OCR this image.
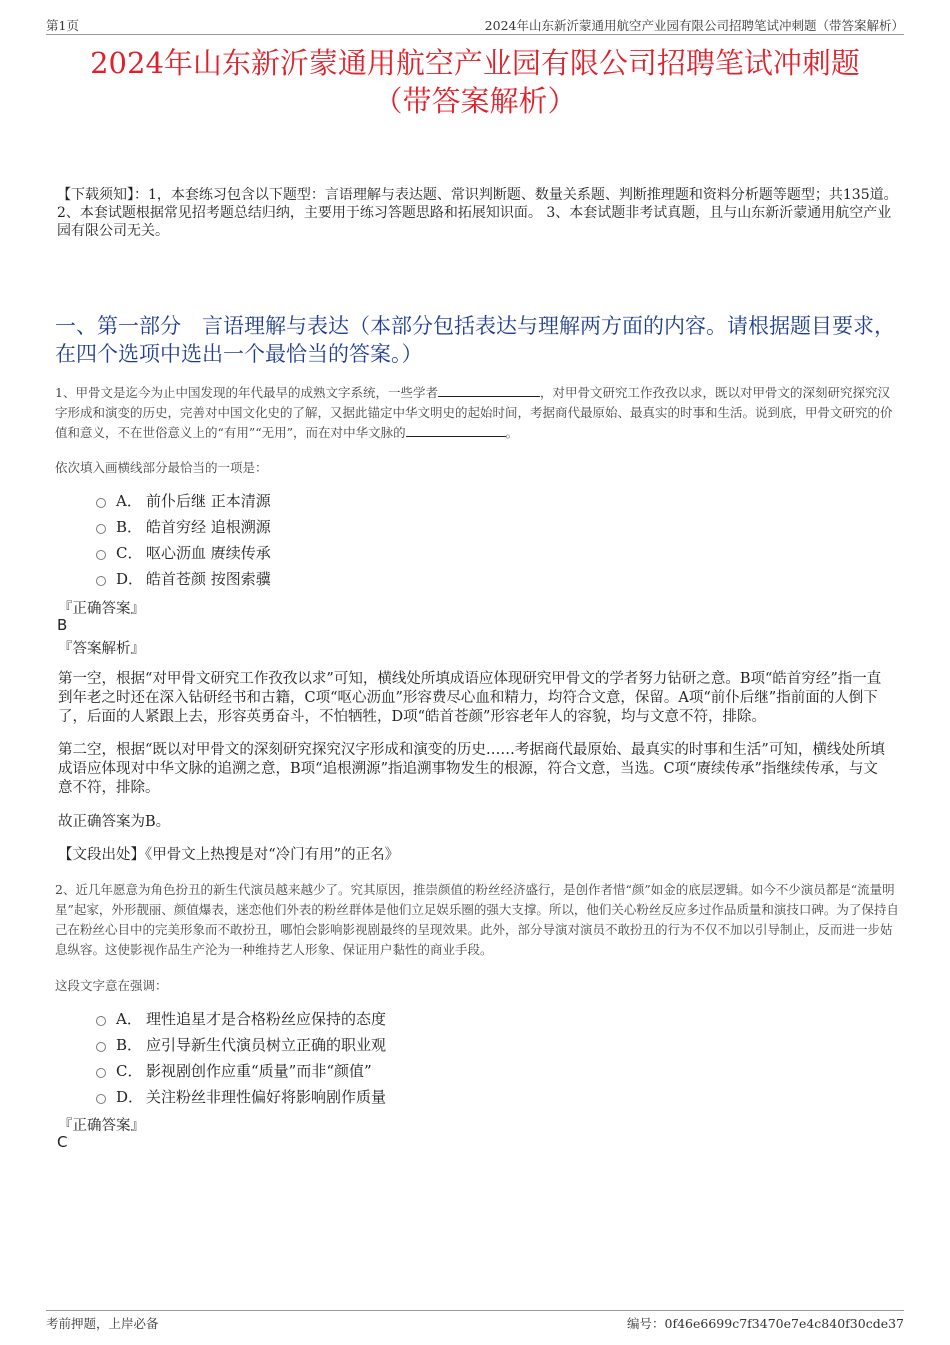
第1页	2024年山东新沂蒙通用航空产业园有限公司招聘笔试冲刺题（带答案解析）
2024年山东新沂蒙通用航空产业园有限公司招聘笔试冲刺题
（带答案解析）

【下载须知】：1，本套练习包含以下题型：言语理解与表达题、常识判断题、数量关系题、判断推理题和资料分析题等题型；共135道。 2、本套试题根据常见招考题总结归纳，主要用于练习答题思路和拓展知识面。 3、本套试题非考试真题，且与山东新沂蒙通用航空产业园有限公司无关。

一、第一部分　言语理解与表达（本部分包括表达与理解两方面的内容。请根据题目要求，在四个选项中选出一个最恰当的答案。）

1、甲骨文是迄今为止中国发现的年代最早的成熟文字系统，一些学者	，对甲骨文研究工作孜孜以求，既以对甲骨文的深刻研究探究汉字形成和演变的历史，完善对中国文化史的了解，又据此锚定中华文明史的起始时间，考据商代最原始、最真实的时事和生活。说到底，甲骨文研究的价值和意义，不在世俗意义上的“有用”“无用”，而在对中华文脉的	。

依次填入画横线部分最恰当的一项是：

A． 前仆后继 正本清源
B． 皓首穷经 追根溯源
C． 呕心沥血 赓续传承
D． 皓首苍颜 按图索骥

『正确答案』

B

『答案解析』

第一空，根据“对甲骨文研究工作孜孜以求”可知，横线处所填成语应体现研究甲骨文的学者努力钻研之意。B项“皓首穷经”指一直到年老之时还在深入钻研经书和古籍，C项“呕心沥血”形容费尽心血和精力，均符合文意，保留。A项“前仆后继”指前面的人倒下了，后面的人紧跟上去，形容英勇奋斗，不怕牺牲，D项“皓首苍颜”形容老年人的容貌，均与文意不符，排除。

第二空，根据“既以对甲骨文的深刻研究探究汉字形成和演变的历史……考据商代最原始、最真实的时事和生活”可知，横线处所填成语应体现对中华文脉的追溯之意，B项“追根溯源”指追溯事物发生的根源，符合文意，当选。C项“赓续传承”指继续传承，与文意不符，排除。

故正确答案为B。

【文段出处】《甲骨文上热搜是对“冷门有用”的正名》

2、近几年愿意为角色扮丑的新生代演员越来越少了。究其原因，推崇颜值的粉丝经济盛行，是创作者惜“颜”如金的底层逻辑。如今不少演员都是“流量明星”起家，外形靓丽、颜值爆表，迷恋他们外表的粉丝群体是他们立足娱乐圈的强大支撑。所以，他们关心粉丝反应多过作品质量和演技口碑。为了保持自己在粉丝心目中的完美形象而不敢扮丑，哪怕会影响影视剧最终的呈现效果。此外，部分导演对演员不敢扮丑的行为不仅不加以引导制止，反而进一步姑息纵容。这使影视作品生产沦为一种维持艺人形象、保证用户黏性的商业手段。

这段文字意在强调：

A． 理性追星才是合格粉丝应保持的态度
B． 应引导新生代演员树立正确的职业观
C． 影视剧创作应重“质量”而非“颜值”
D． 关注粉丝非理性偏好将影响剧作质量

『正确答案』

C

考前押题，上岸必备	编号：0f46e6699c7f3470e7e4c840f30cde37
